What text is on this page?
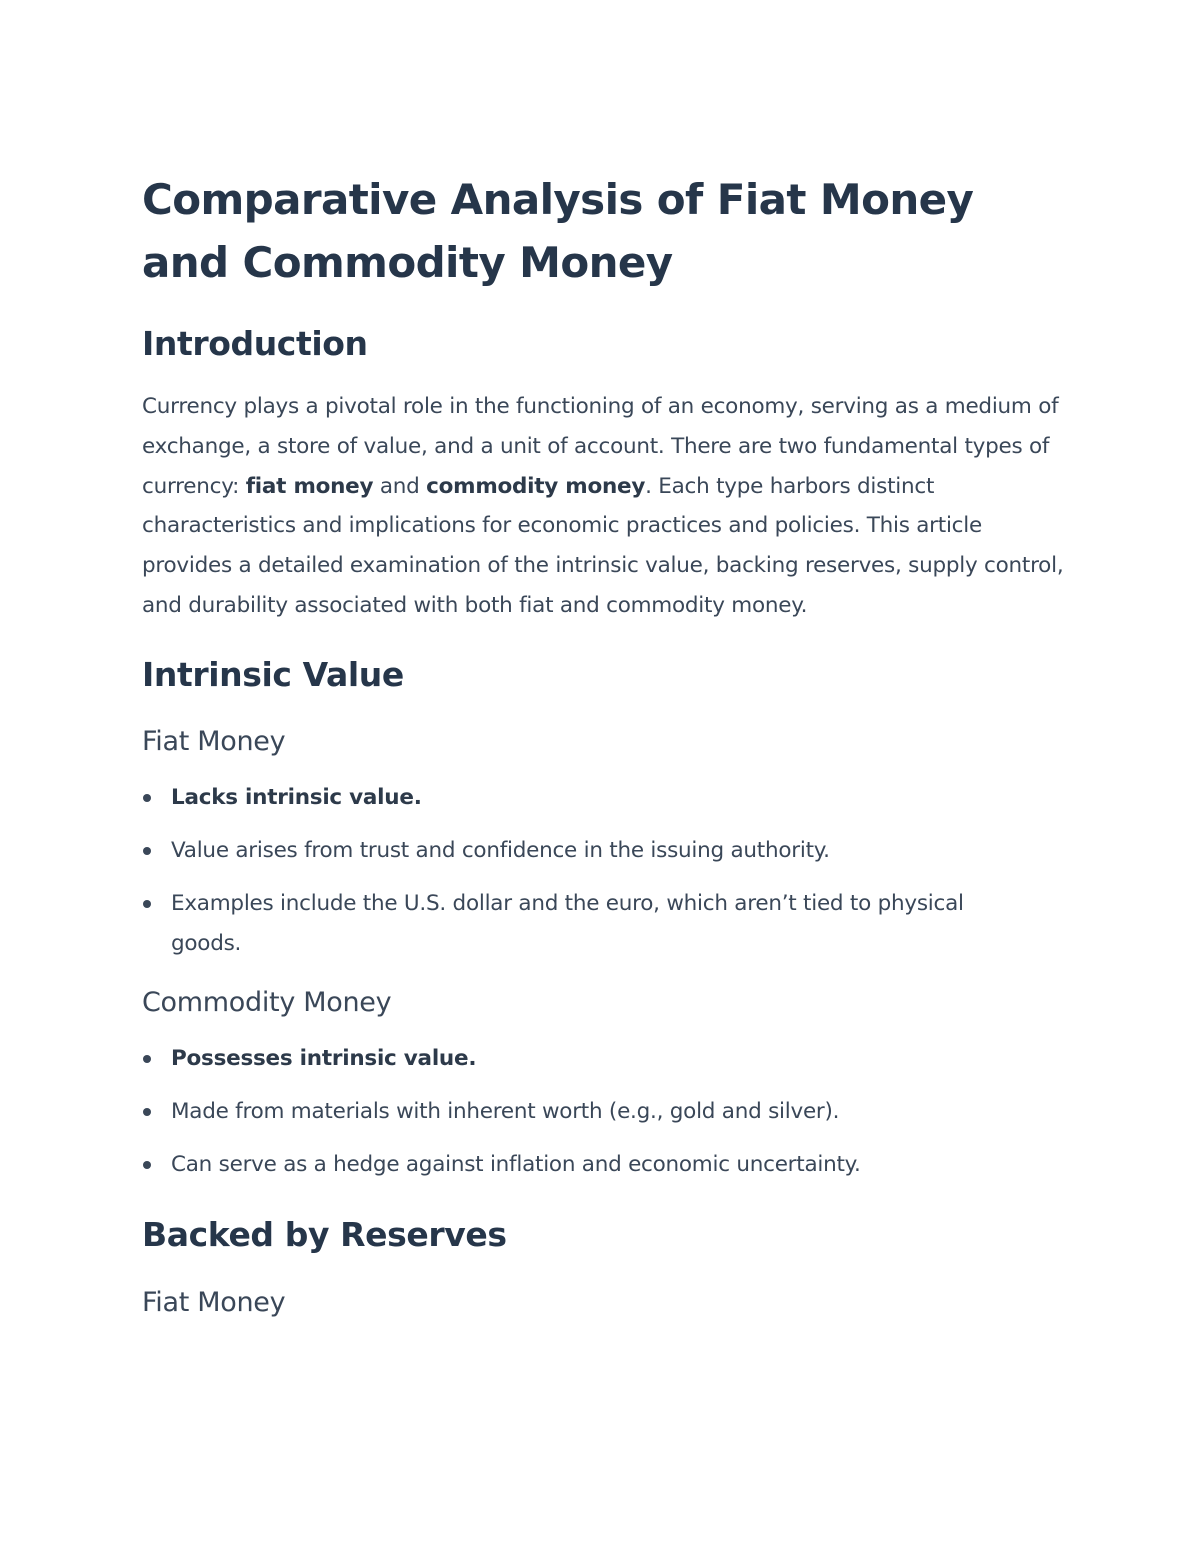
Comparative Analysis of Fiat Money and Commodity Money
Introduction

Currency plays a pivotal role in the functioning of an economy, serving as a medium of exchange, a store of value, and a unit of account. There are two fundamental types of currency: fiat money and commodity money. Each type harbors distinct characteristics and implications for economic practices and policies. This article provides a detailed examination of the intrinsic value, backing reserves, supply control, and durability associated with both fiat and commodity money.

Intrinsic Value
Fiat Money
Lacks intrinsic value.
Value arises from trust and confidence in the issuing authority.
Examples include the U.S. dollar and the euro, which aren’t tied to physical goods.
Commodity Money
Possesses intrinsic value.
Made from materials with inherent worth (e.g., gold and silver).
Can serve as a hedge against inflation and economic uncertainty.
Backed by Reserves
Fiat Money
